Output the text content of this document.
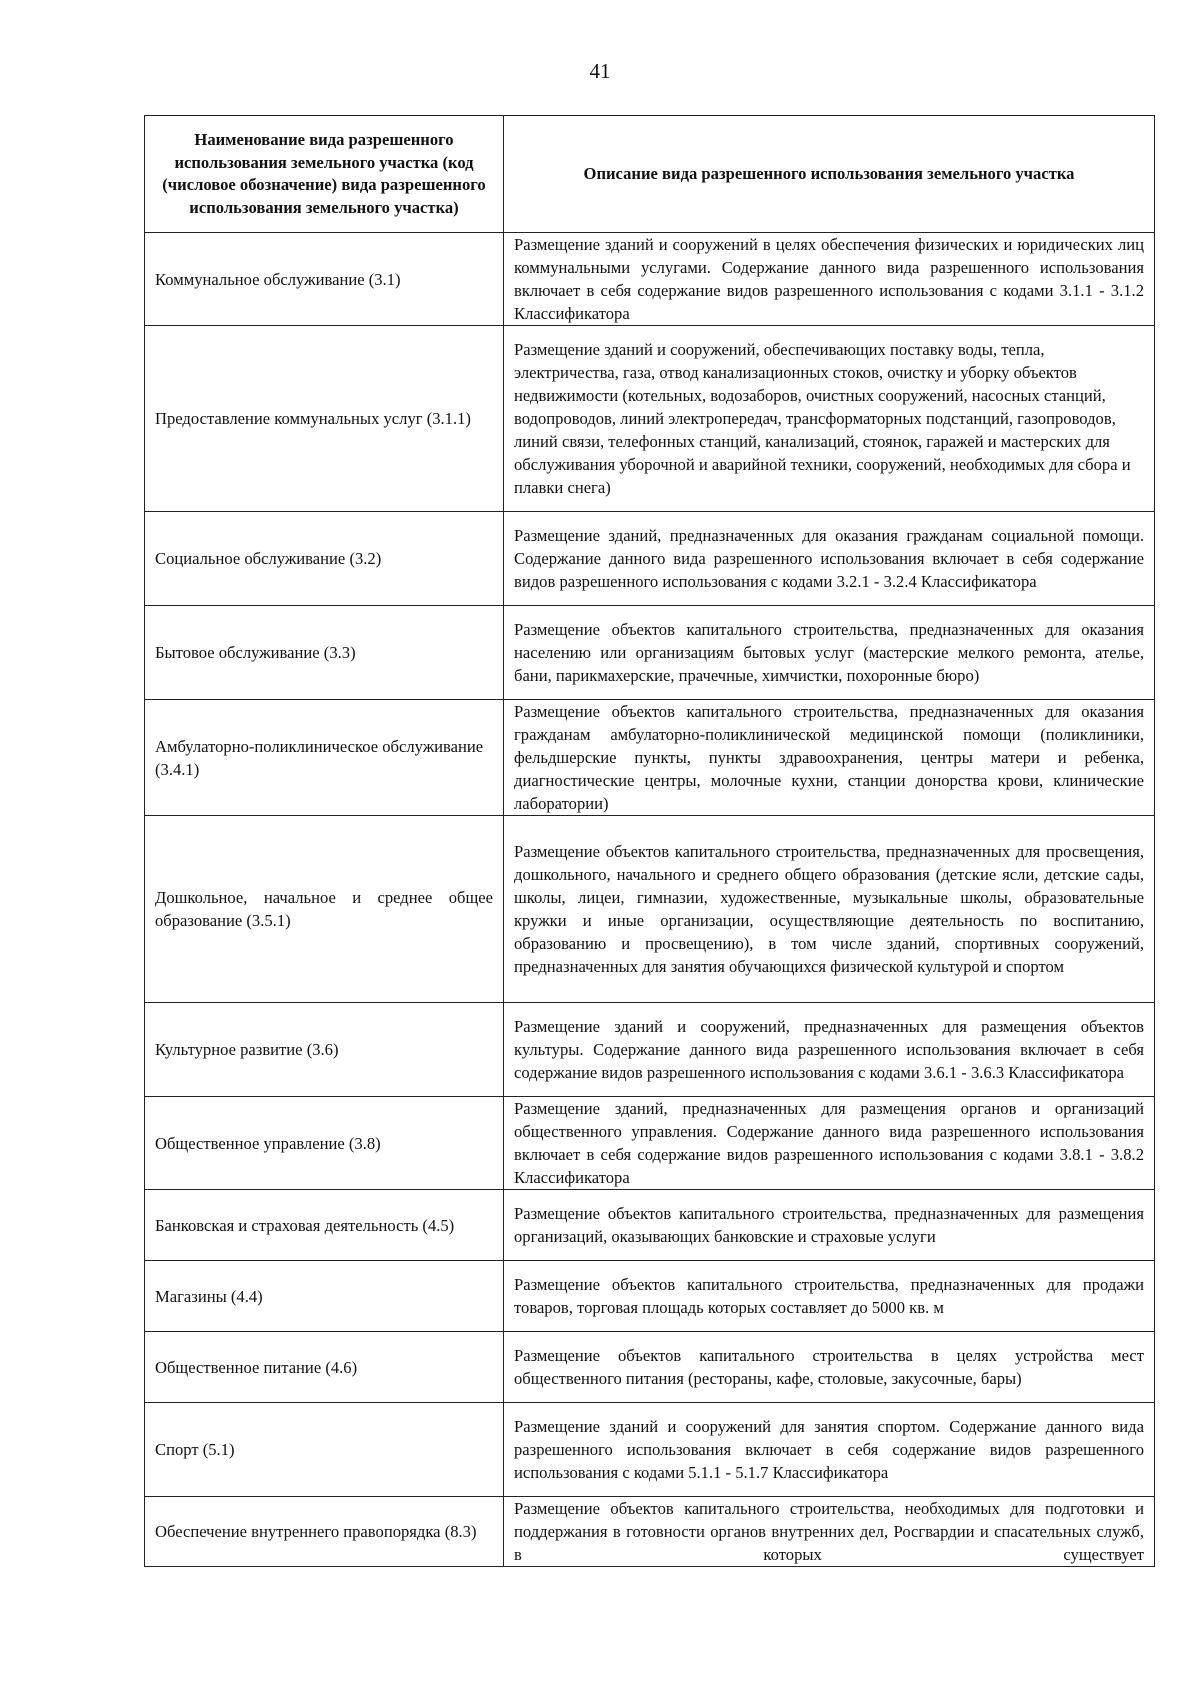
41
Наименование вида разрешенного использования земельного участка (код (числовое обозначение) вида разрешенного использования земельного участка)	Описание вида разрешенного использования земельного участка
Коммунальное обслуживание (3.1)	Размещение зданий и сооружений в целях обеспечения физических и юридических лиц коммунальными услугами. Содержание данного вида разрешенного использования включает в себя содержание видов разрешенного использования с кодами 3.1.1 - 3.1.2 Классификатора
Предоставление коммунальных услуг (3.1.1)	Размещение зданий и сооружений, обеспечивающих поставку воды, тепла, электричества, газа, отвод канализационных стоков, очистку и уборку объектов недвижимости (котельных, водозаборов, очистных сооружений, насосных станций, водопроводов, линий электропередач, трансформаторных подстанций, газопроводов, линий связи, телефонных станций, канализаций, стоянок, гаражей и мастерских для обслуживания уборочной и аварийной техники, сооружений, необходимых для сбора и плавки снега)
Социальное обслуживание (3.2)	Размещение зданий, предназначенных для оказания гражданам социальной помощи. Содержание данного вида разрешенного использования включает в себя содержание видов разрешенного использования с кодами 3.2.1 - 3.2.4 Классификатора
Бытовое обслуживание (3.3)	Размещение объектов капитального строительства, предназначенных для оказания населению или организациям бытовых услуг (мастерские мелкого ремонта, ателье, бани, парикмахерские, прачечные, химчистки, похоронные бюро)
Амбулаторно-поликлиническое обслуживание (3.4.1)	Размещение объектов капитального строительства, предназначенных для оказания гражданам амбулаторно-поликлинической медицинской помощи (поликлиники, фельдшерские пункты, пункты здравоохранения, центры матери и ребенка, диагностические центры, молочные кухни, станции донорства крови, клинические лаборатории)
Дошкольное, начальное и среднее общее образование (3.5.1)	Размещение объектов капитального строительства, предназначенных для просвещения, дошкольного, начального и среднего общего образования (детские ясли, детские сады, школы, лицеи, гимназии, художественные, музыкальные школы, образовательные кружки и иные организации, осуществляющие деятельность по воспитанию, образованию и просвещению), в том числе зданий, спортивных сооружений, предназначенных для занятия обучающихся физической культурой и спортом
Культурное развитие (3.6)	Размещение зданий и сооружений, предназначенных для размещения объектов культуры. Содержание данного вида разрешенного использования включает в себя содержание видов разрешенного использования с кодами 3.6.1 - 3.6.3 Классификатора
Общественное управление (3.8)	Размещение зданий, предназначенных для размещения органов и организаций общественного управления. Содержание данного вида разрешенного использования включает в себя содержание видов разрешенного использования с кодами 3.8.1 - 3.8.2 Классификатора
Банковская и страховая деятельность (4.5)	Размещение объектов капитального строительства, предназначенных для размещения организаций, оказывающих банковские и страховые услуги
Магазины (4.4)	Размещение объектов капитального строительства, предназначенных для продажи товаров, торговая площадь которых составляет до 5000 кв. м
Общественное питание (4.6)	Размещение объектов капитального строительства в целях устройства мест общественного питания (рестораны, кафе, столовые, закусочные, бары)
Спорт (5.1)	Размещение зданий и сооружений для занятия спортом. Содержание данного вида разрешенного использования включает в себя содержание видов разрешенного использования с кодами 5.1.1 - 5.1.7 Классификатора
Обеспечение внутреннего правопорядка (8.3)	Размещение объектов капитального строительства, необходимых для подготовки и поддержания в готовности органов внутренних дел, Росгвардии и спасательных служб, в которых существует
